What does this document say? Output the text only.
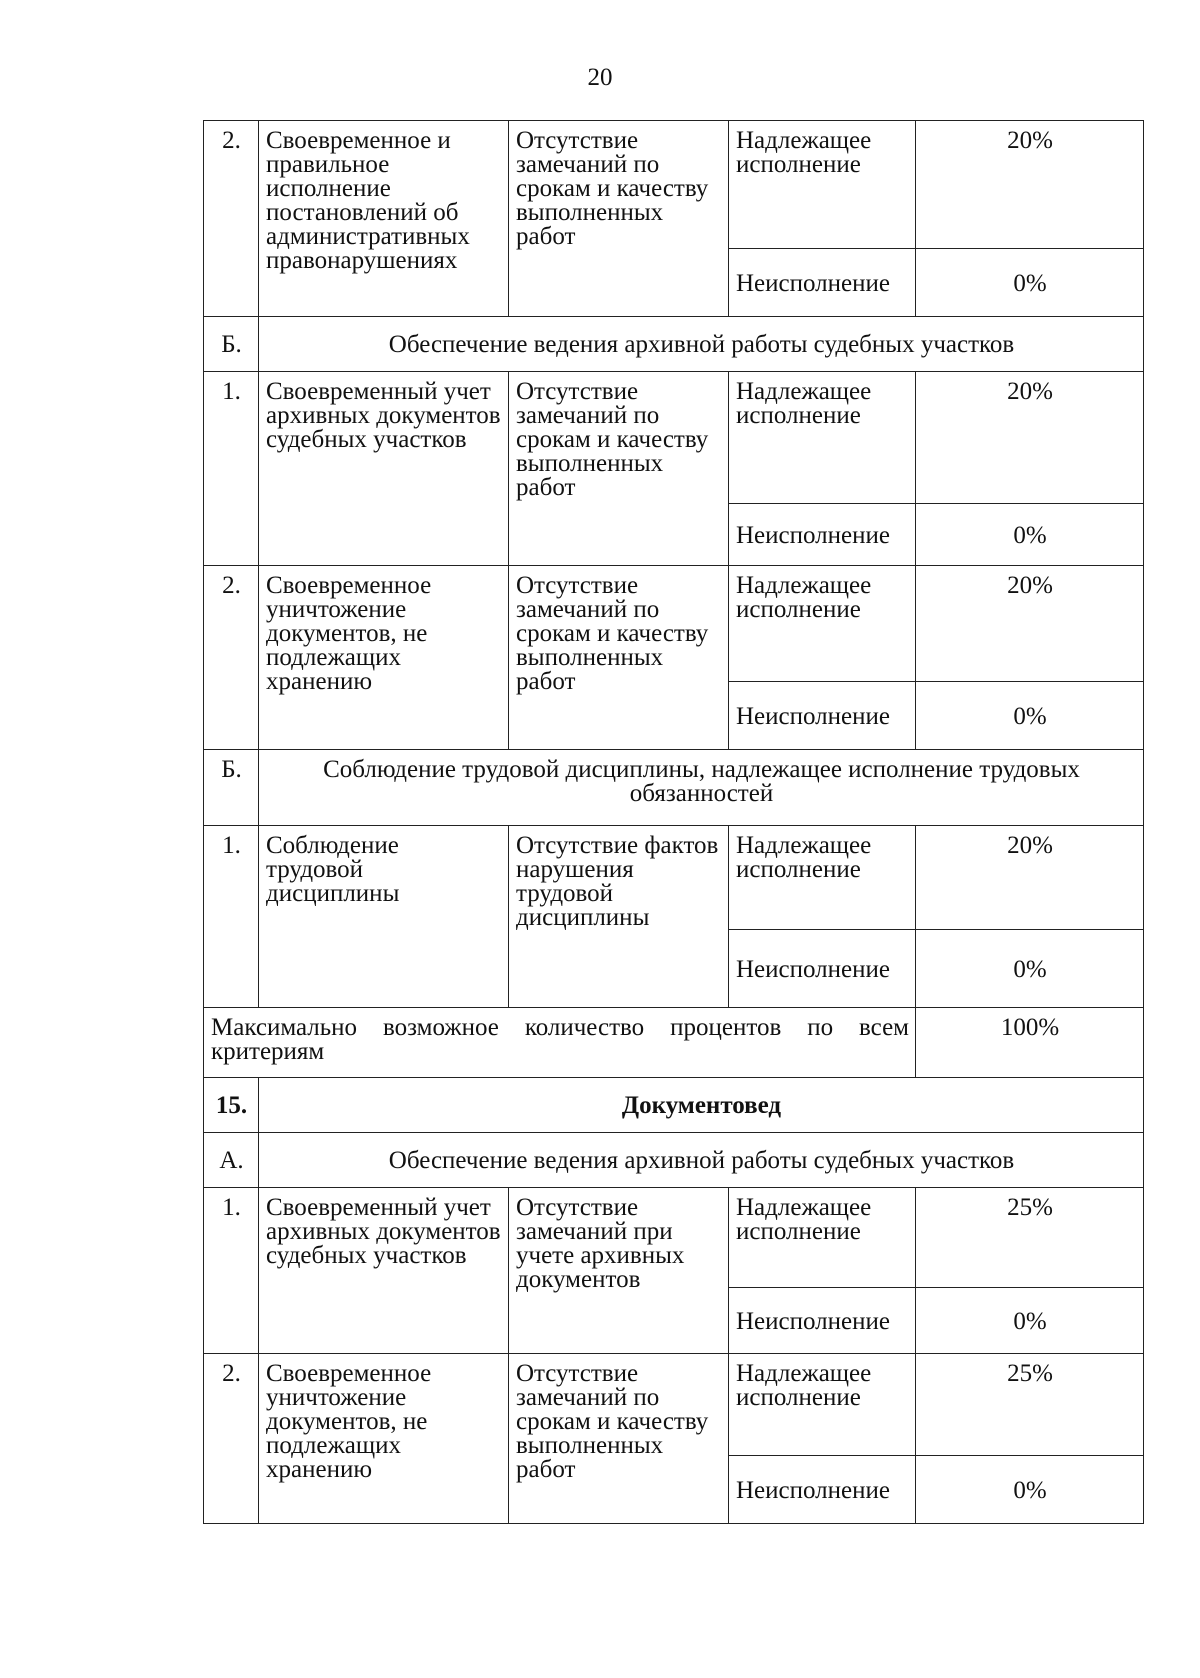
20
2.	Своевременное и правильное исполнение постановлений об административных правонарушениях	Отсутствие замечаний по срокам и качеству выполненных работ	Надлежащее исполнение	20%
			Неисполнение	0%
Б.	Обеспечение ведения архивной работы судебных участков			
1.	Своевременный учет архивных документов судебных участков	Отсутствие замечаний по срокам и качеству выполненных работ	Надлежащее исполнение	20%
			Неисполнение	0%
2.	Своевременное уничтожение документов, не подлежащих хранению	Отсутствие замечаний по срокам и качеству выполненных работ	Надлежащее исполнение	20%
			Неисполнение	0%
Б.	Соблюдение трудовой дисциплины, надлежащее исполнение трудовых обязанностей			
1.	Соблюдение трудовой дисциплины	Отсутствие фактов нарушения трудовой дисциплины	Надлежащее исполнение	20%
			Неисполнение	0%
Максимально возможное количество процентов по всем критериям				100%
15.	Документовед			
А.	Обеспечение ведения архивной работы судебных участков			
1.	Своевременный учет архивных документов судебных участков	Отсутствие замечаний при учете архивных документов	Надлежащее исполнение	25%
			Неисполнение	0%
2.	Своевременное уничтожение документов, не подлежащих хранению	Отсутствие замечаний по срокам и качеству выполненных работ	Надлежащее исполнение	25%
			Неисполнение	0%
